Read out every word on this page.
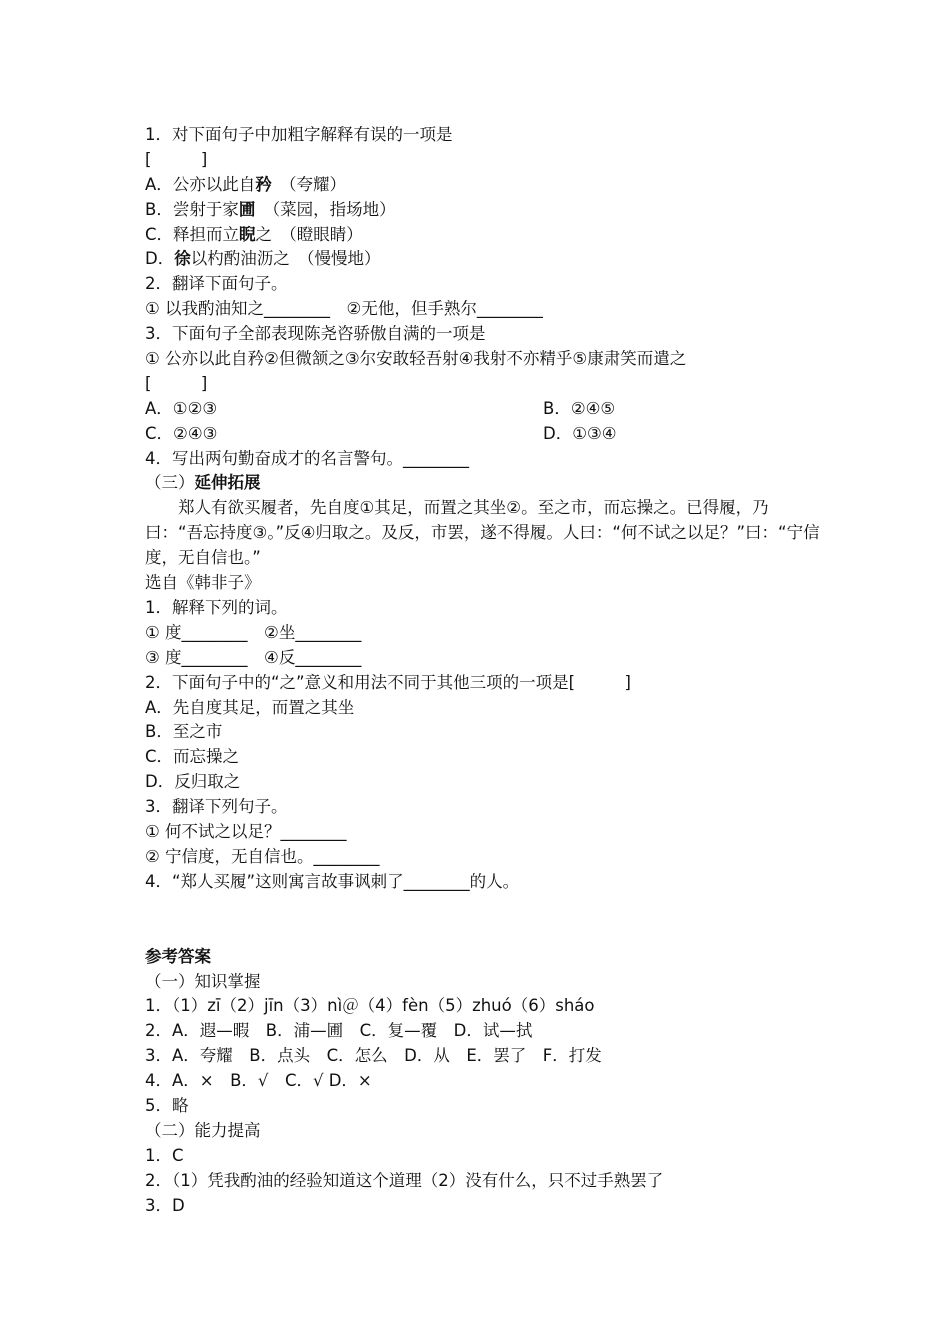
1．对下面句子中加粗字解释有误的一项是
[　　　]
A．公亦以此自矜　（夸耀）
B．尝射于家圃　（菜园，指场地）
C．释担而立睨之　（瞪眼睛）
D．徐以杓酌油沥之　（慢慢地）
2．翻译下面句子。
① 以我酌油知之________　②无他，但手熟尔________
3．下面句子全部表现陈尧咨骄傲自满的一项是
① 公亦以此自矜②但微颔之③尔安敢轻吾射④我射不亦精乎⑤康肃笑而遣之
[　　　]
A．①②③	B．②④⑤
C．②④③	D．①③④
4．写出两句勤奋成才的名言警句。________
（三）延伸拓展
郑人有欲买履者，先自度①其足，而置之其坐②。至之市，而忘操之。已得履，乃曰：“吾忘持度③。”反④归取之。及反，市罢，遂不得履。人曰：“何不试之以足？”曰：“宁信度，无自信也。”
选自《韩非子》
1．解释下列的词。
① 度________　②坐________
③ 度________　④反________
2．下面句子中的“之”意义和用法不同于其他三项的一项是[　　　]
A．先自度其足，而置之其坐
B．至之市
C．而忘操之
D．反归取之
3．翻译下列句子。
① 何不试之以足？________
② 宁信度，无自信也。________
4．“郑人买履”这则寓言故事讽刺了________的人。
参考答案
（一）知识掌握
1．（1）zī（2）jīn（3）nì＠（4）fèn（5）zhuó（6）sháo
2．A．遐—暇　B．浦—圃　C．复—覆　D．试—拭
3．A．夸耀　B．点头　C．怎么　D．从　E．罢了　F．打发
4．A．×　B．√　C．√ D．×
5．略
（二）能力提高
1．C
2．（1）凭我酌油的经验知道这个道理（2）没有什么，只不过手熟罢了
3．D
